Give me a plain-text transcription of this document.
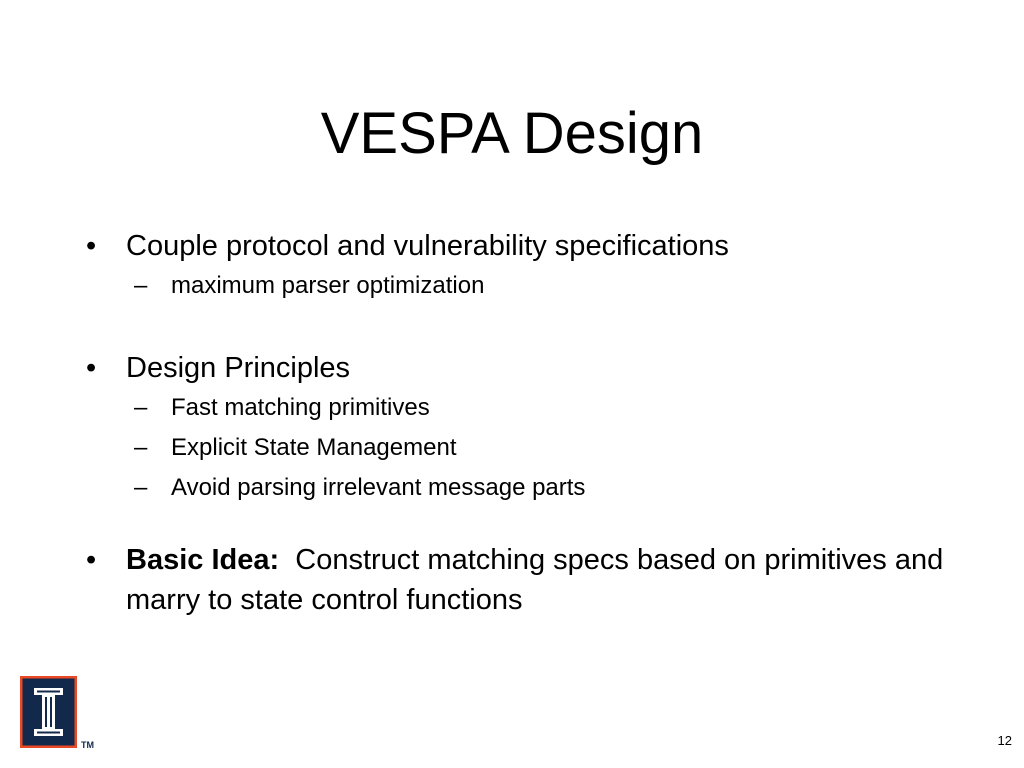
VESPA Design
• Couple protocol and vulnerability specifications
– maximum parser optimization
• Design Principles
– Fast matching primitives
– Explicit State Management
– Avoid parsing irrelevant message parts
• Basic Idea: Construct matching specs based on primitives and marry to state control functions
TM	12
